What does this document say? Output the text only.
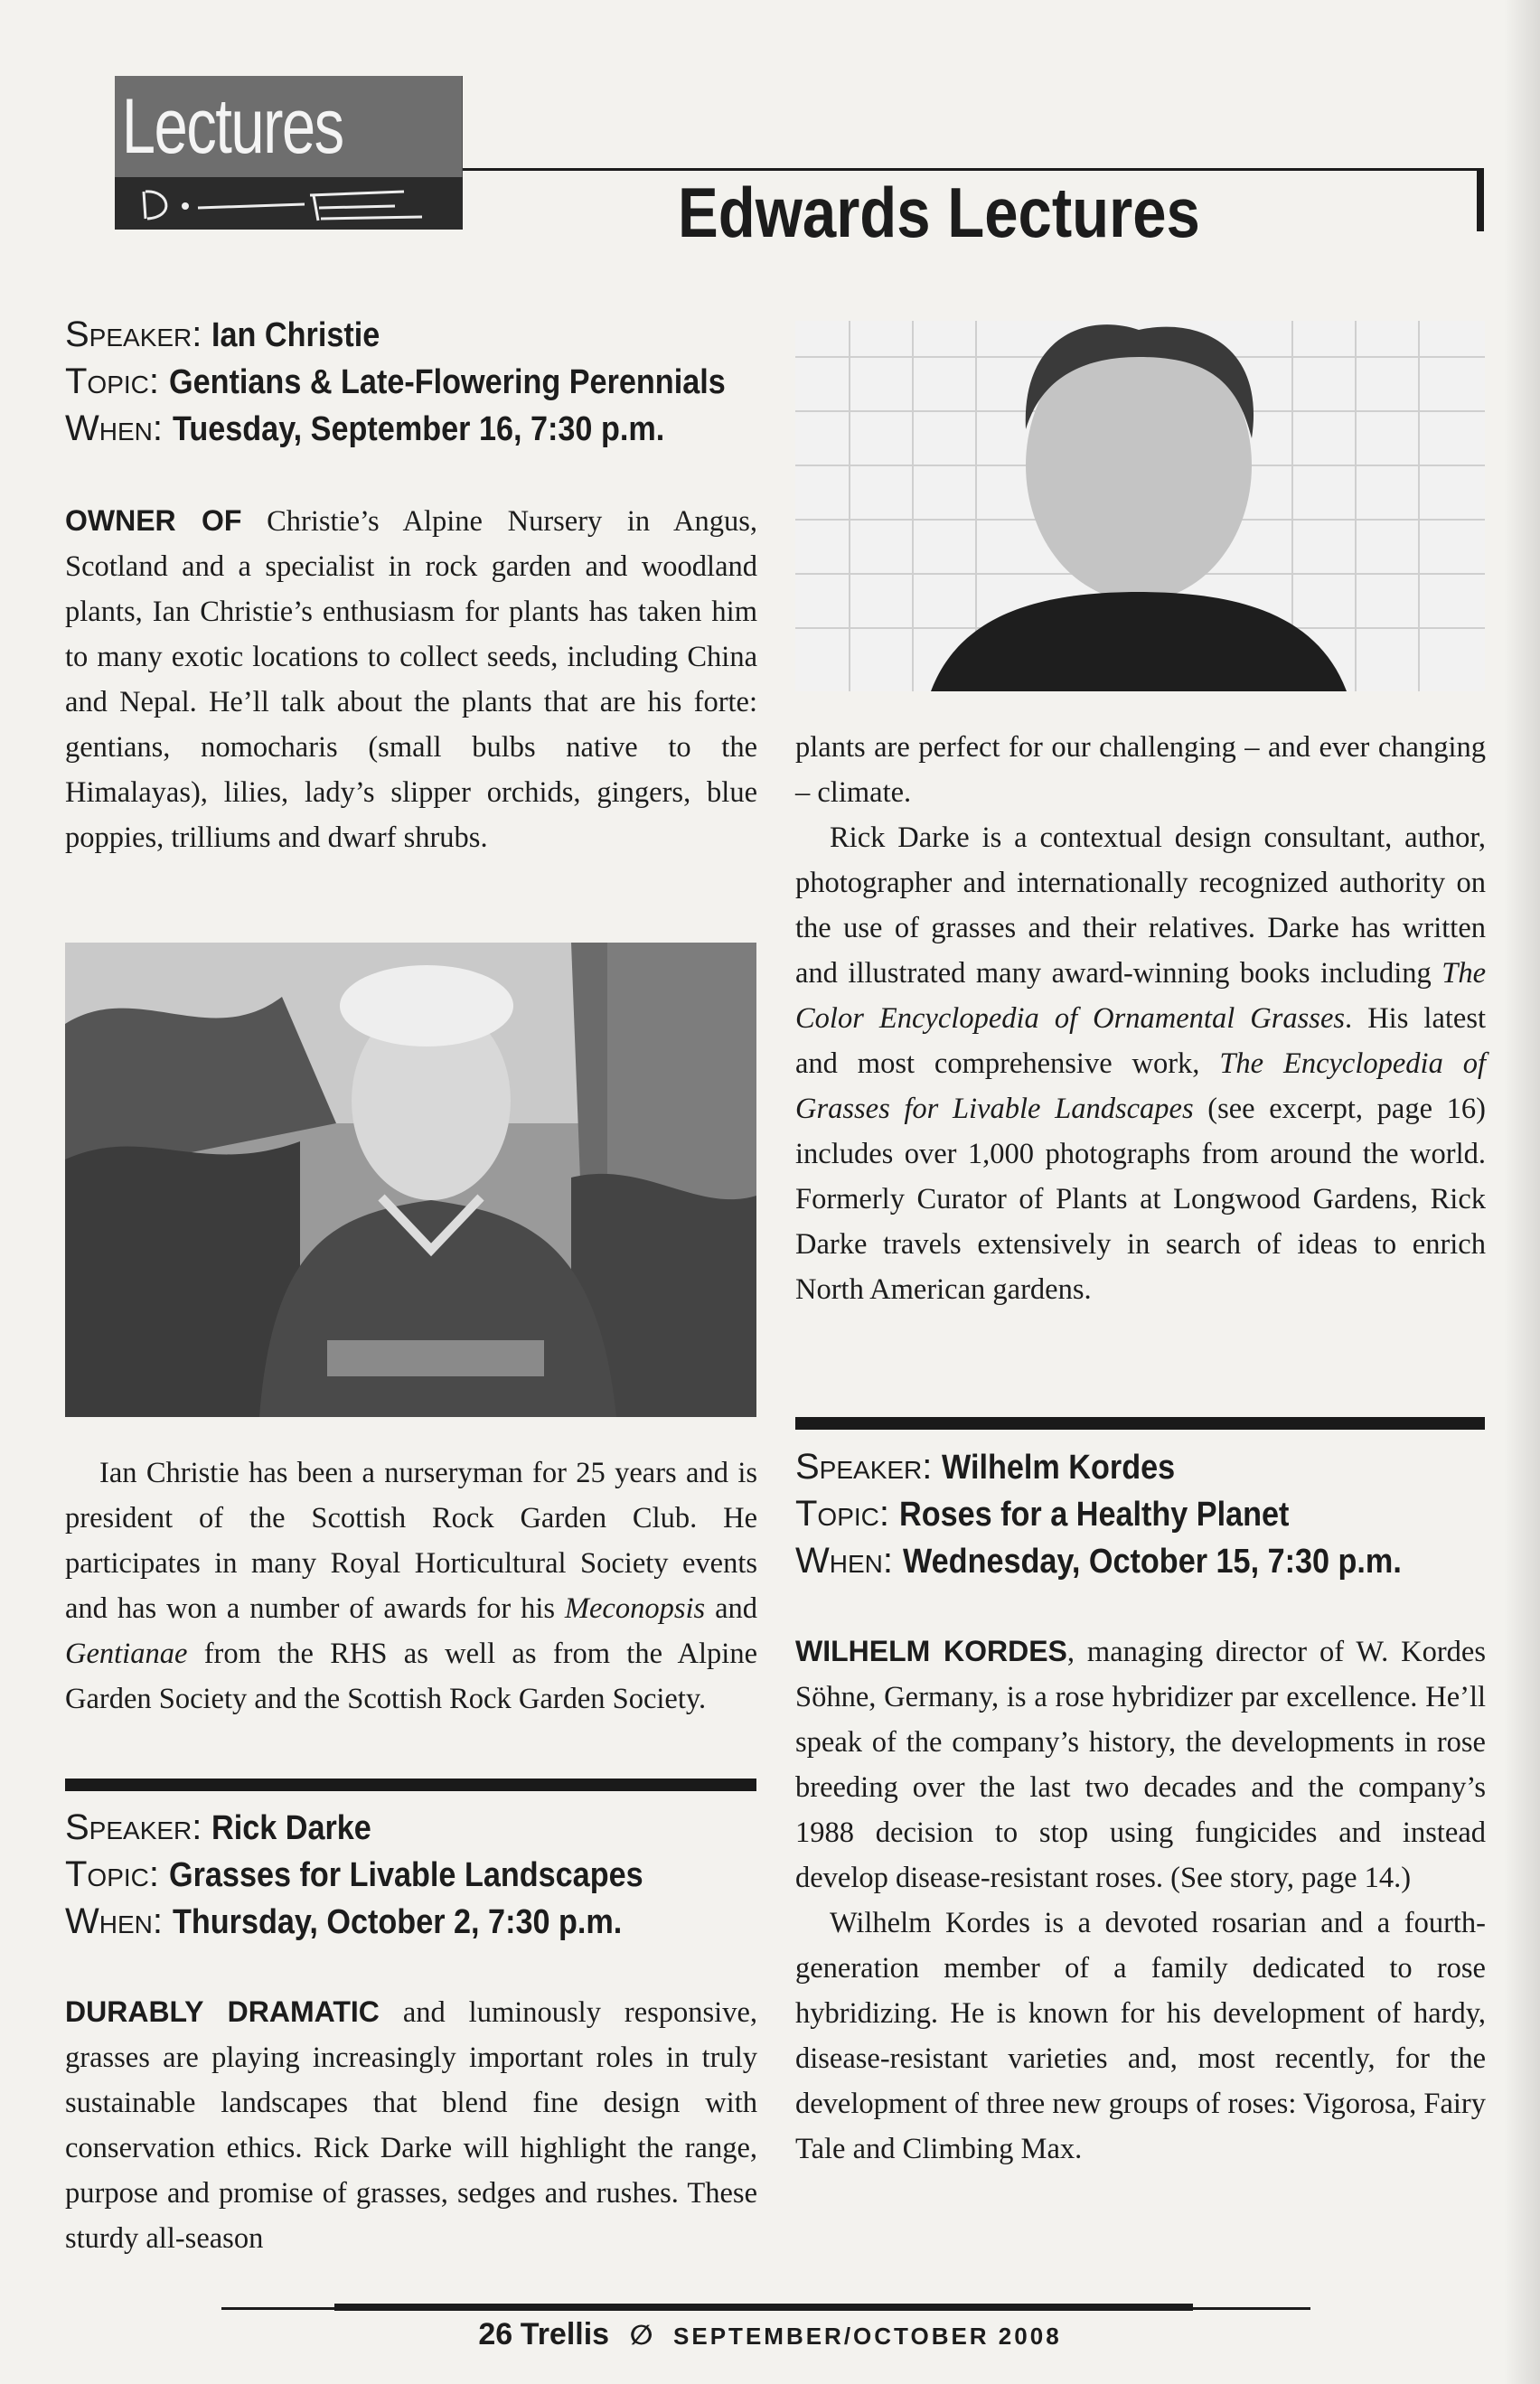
Lectures
Edwards Lectures
Speaker: Ian Christie
Topic: Gentians & Late-Flowering Perennials
When: Tuesday, September 16, 7:30 p.m.

OWNER OF Christie’s Alpine Nursery in Angus, Scotland and a specialist in rock garden and woodland plants, Ian Christie’s enthusiasm for plants has taken him to many exotic locations to collect seeds, including China and Nepal. He’ll talk about the plants that are his forte: gentians, nomocharis (small bulbs native to the Himalayas), lilies, lady’s slipper orchids, gingers, blue poppies, trilliums and dwarf shrubs.

Ian Christie has been a nurseryman for 25 years and is president of the Scottish Rock Garden Club. He participates in many Royal Horticultural Society events and has won a number of awards for his Meconopsis and Gentianae from the RHS as well as from the Alpine Garden Society and the Scottish Rock Garden Society.

Speaker: Rick Darke
Topic: Grasses for Livable Landscapes
When: Thursday, October 2, 7:30 p.m.

DURABLY DRAMATIC and luminously responsive, grasses are playing increasingly important roles in truly sustainable landscapes that blend fine design with conservation ethics. Rick Darke will highlight the range, purpose and promise of grasses, sedges and rushes. These sturdy all-season

plants are perfect for our challenging – and ever changing – climate.

Rick Darke is a contextual design consultant, author, photographer and internationally recognized authority on the use of grasses and their relatives. Darke has written and illustrated many award-winning books including The Color Encyclopedia of Ornamental Grasses. His latest and most comprehensive work, The Encyclopedia of Grasses for Livable Landscapes (see excerpt, page 16) includes over 1,000 photographs from around the world. Formerly Curator of Plants at Longwood Gardens, Rick Darke travels extensively in search of ideas to enrich North American gardens.

Speaker: Wilhelm Kordes
Topic: Roses for a Healthy Planet
When: Wednesday, October 15, 7:30 p.m.

WILHELM KORDES, managing director of W. Kordes Söhne, Germany, is a rose hybridizer par excellence. He’ll speak of the company’s history, the developments in rose breeding over the last two decades and the company’s 1988 decision to stop using fungicides and instead develop disease-resistant roses. (See story, page 14.)

Wilhelm Kordes is a devoted rosarian and a fourth-generation member of a family dedicated to rose hybridizing. He is known for his development of hardy, disease-resistant varieties and, most recently, for the development of three new groups of roses: Vigorosa, Fairy Tale and Climbing Max.

26 Trellis ∅ SEPTEMBER/OCTOBER 2008
